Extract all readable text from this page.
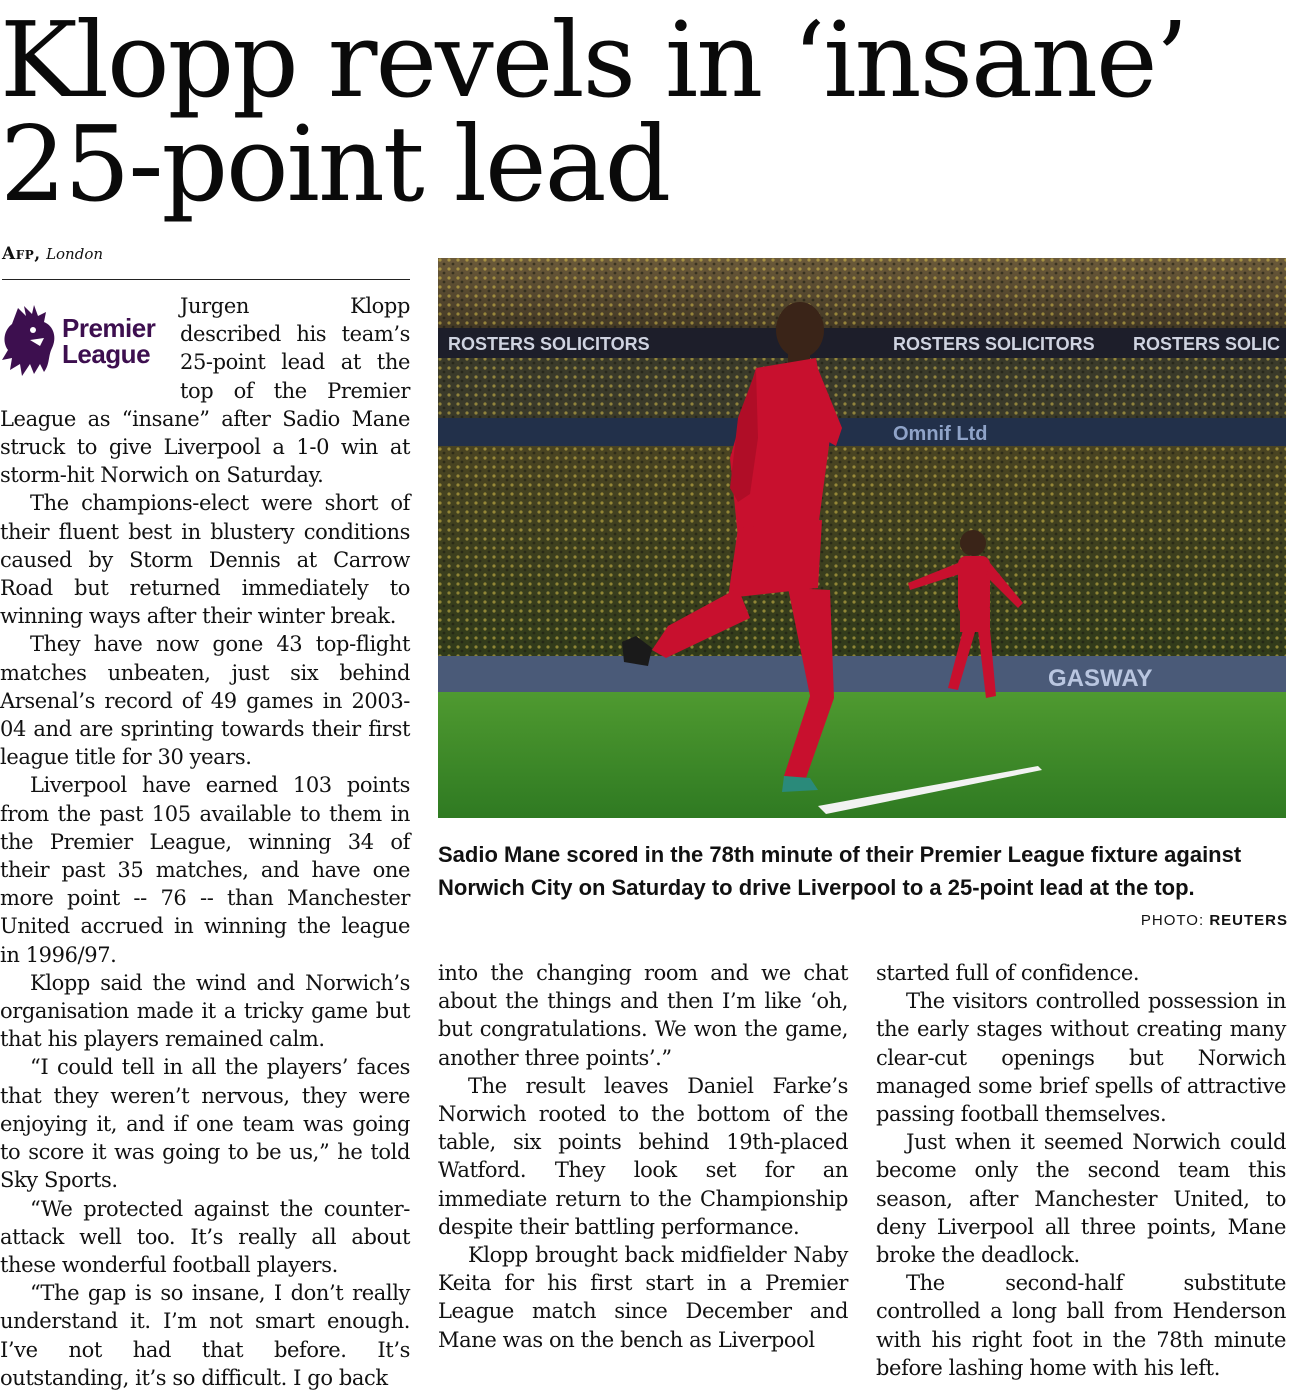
Klopp revels in ‘insane’
25-point lead
Afp, London
Premier
League

Jurgen Klopp described his team’s 25-point lead at the top of the Premier League as “insane” after Sadio Mane struck to give Liverpool a 1-0 win at storm-hit Norwich on Saturday.

The champions-elect were short of their fluent best in blustery conditions caused by Storm Dennis at Carrow Road but returned immediately to winning ways after their winter break.

They have now gone 43 top-flight matches unbeaten, just six behind Arsenal’s record of 49 games in 2003-04 and are sprinting towards their first league title for 30 years.

Liverpool have earned 103 points from the past 105 available to them in the Premier League, winning 34 of their past 35 matches, and have one more point -- 76 -- than Manchester United accrued in winning the league in 1996/97.

Klopp said the wind and Norwich’s organisation made it a tricky game but that his players remained calm.

“I could tell in all the players’ faces that they weren’t nervous, they were enjoying it, and if one team was going to score it was going to be us,” he told Sky Sports.

“We protected against the counter-attack well too. It’s really all about these wonderful football players.

“The gap is so insane, I don’t really understand it. I’m not smart enough. I’ve not had that before. It’s outstanding, it’s so difficult. I go back

ROSTERS SOLICITORS	ROSTERS SOLICITORS ROSTERS SOLIC
Omnif Ltd
GASWAY
Sadio Mane scored in the 78th minute of their Premier League fixture against Norwich City on Saturday to drive Liverpool to a 25-point lead at the top.
PHOTO: REUTERS

into the changing room and we chat about the things and then I’m like ‘oh, but congratulations. We won the game, another three points’.”

The result leaves Daniel Farke’s Norwich rooted to the bottom of the table, six points behind 19th-placed Watford. They look set for an immediate return to the Championship despite their battling performance.

Klopp brought back midfielder Naby Keita for his first start in a Premier League match since December and Mane was on the bench as Liverpool

started full of confidence.

The visitors controlled possession in the early stages without creating many clear-cut openings but Norwich managed some brief spells of attractive passing football themselves.

Just when it seemed Norwich could become only the second team this season, after Manchester United, to deny Liverpool all three points, Mane broke the deadlock.

The second-half substitute controlled a long ball from Henderson with his right foot in the 78th minute before lashing home with his left.
